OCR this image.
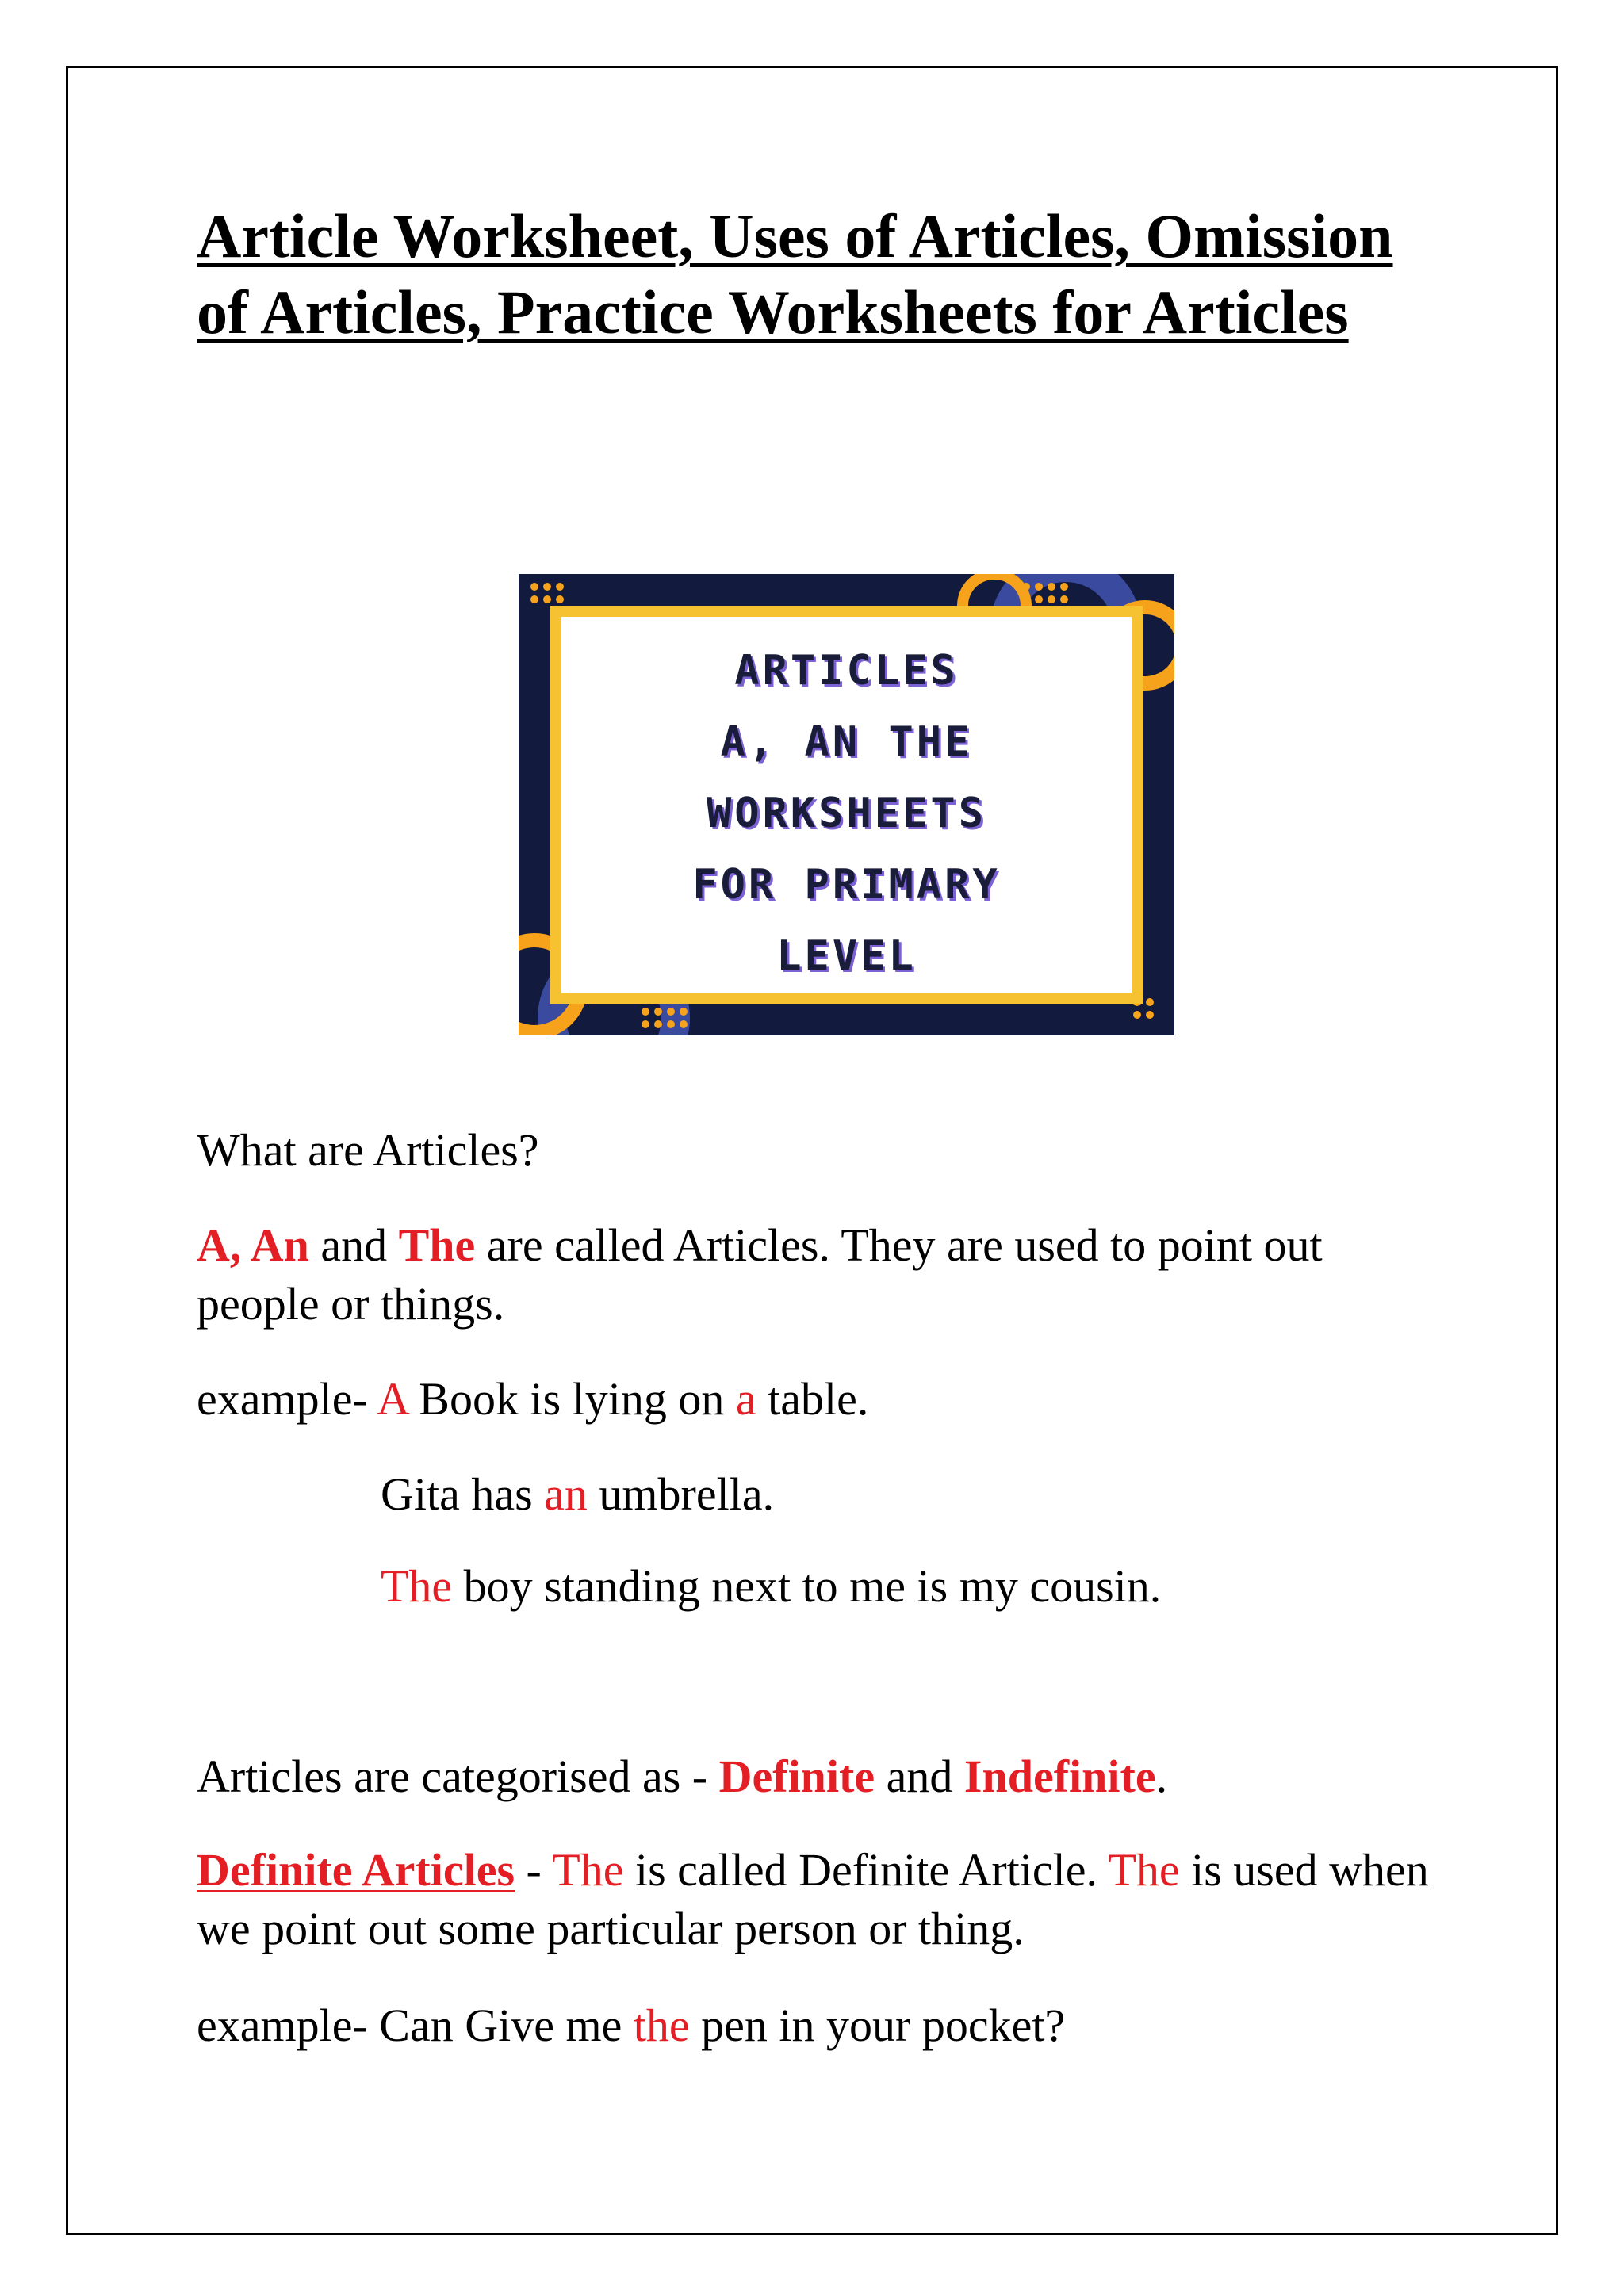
Article Worksheet, Uses of Articles, Omission of Articles, Practice Worksheets for Articles
ARTICLES
A, AN THE
WORKSHEETS
FOR PRIMARY
LEVEL

What are Articles?

A, An and The are called Articles. They are used to point out people or things.

example- A Book is lying on a table.

Gita has an umbrella.

The boy standing next to me is my cousin.

Articles are categorised as - Definite and Indefinite.

Definite Articles - The is called Definite Article. The is used when we point out some particular person or thing.

example- Can Give me the pen in your pocket?
